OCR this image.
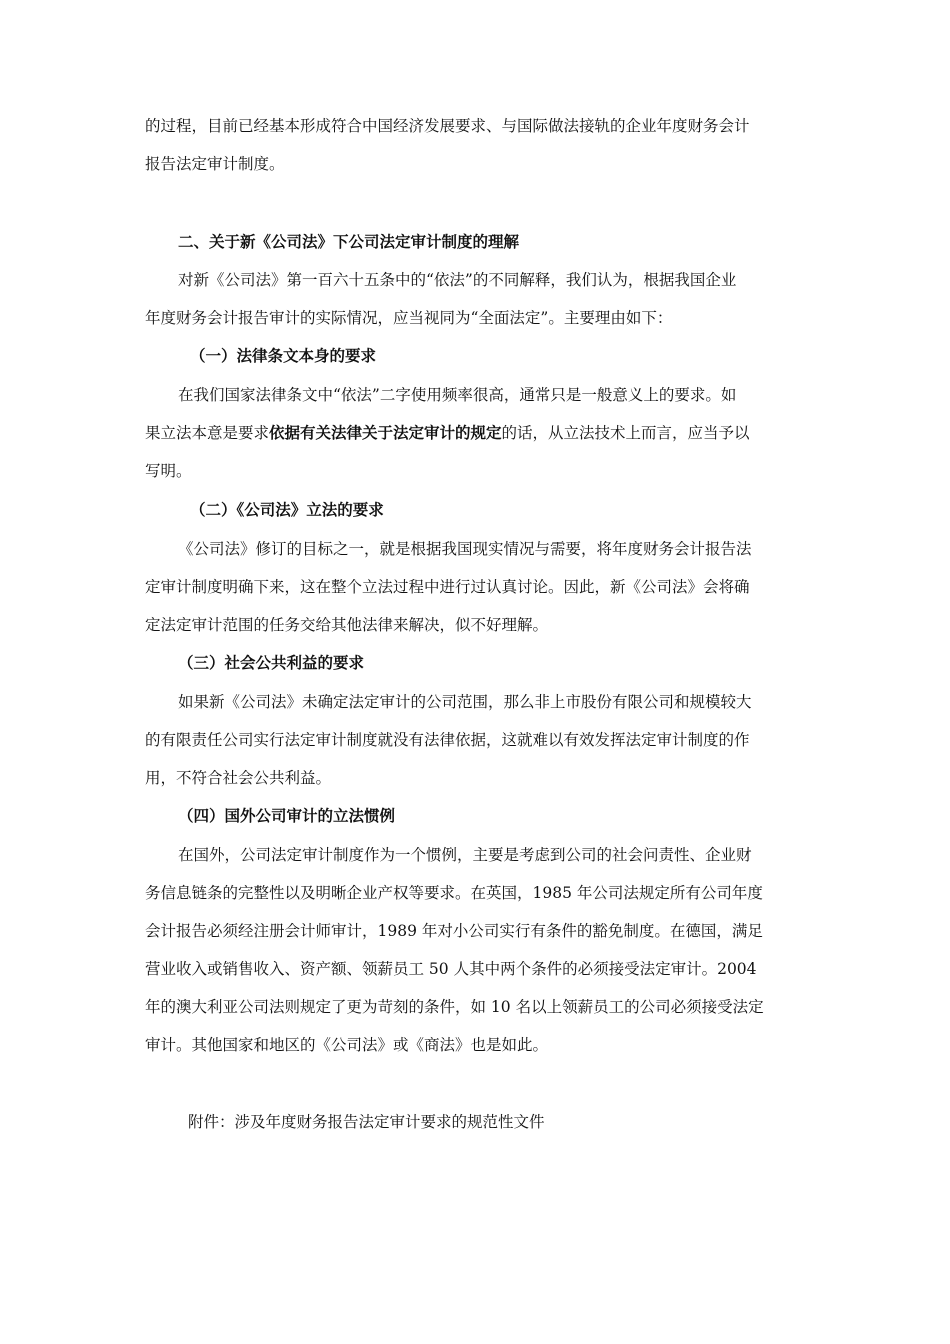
的过程，目前已经基本形成符合中国经济发展要求、与国际做法接轨的企业年度财务会计
报告法定审计制度。
二、关于新《公司法》下公司法定审计制度的理解
对新《公司法》第一百六十五条中的“依法”的不同解释，我们认为，根据我国企业
年度财务会计报告审计的实际情况，应当视同为“全面法定”。主要理由如下：
（一）法律条文本身的要求
在我们国家法律条文中“依法”二字使用频率很高，通常只是一般意义上的要求。如
果立法本意是要求依据有关法律关于法定审计的规定的话，从立法技术上而言，应当予以
写明。
（二）《公司法》立法的要求
《公司法》修订的目标之一，就是根据我国现实情况与需要，将年度财务会计报告法
定审计制度明确下来，这在整个立法过程中进行过认真讨论。因此，新《公司法》会将确
定法定审计范围的任务交给其他法律来解决，似不好理解。
（三）社会公共利益的要求
如果新《公司法》未确定法定审计的公司范围，那么非上市股份有限公司和规模较大
的有限责任公司实行法定审计制度就没有法律依据，这就难以有效发挥法定审计制度的作
用，不符合社会公共利益。
（四）国外公司审计的立法惯例
在国外，公司法定审计制度作为一个惯例，主要是考虑到公司的社会问责性、企业财
务信息链条的完整性以及明晰企业产权等要求。在英国，1985 年公司法规定所有公司年度
会计报告必须经注册会计师审计，1989 年对小公司实行有条件的豁免制度。在德国，满足
营业收入或销售收入、资产额、领薪员工 50 人其中两个条件的必须接受法定审计。2004
年的澳大利亚公司法则规定了更为苛刻的条件，如 10 名以上领薪员工的公司必须接受法定
审计。其他国家和地区的《公司法》或《商法》也是如此。
附件：涉及年度财务报告法定审计要求的规范性文件
